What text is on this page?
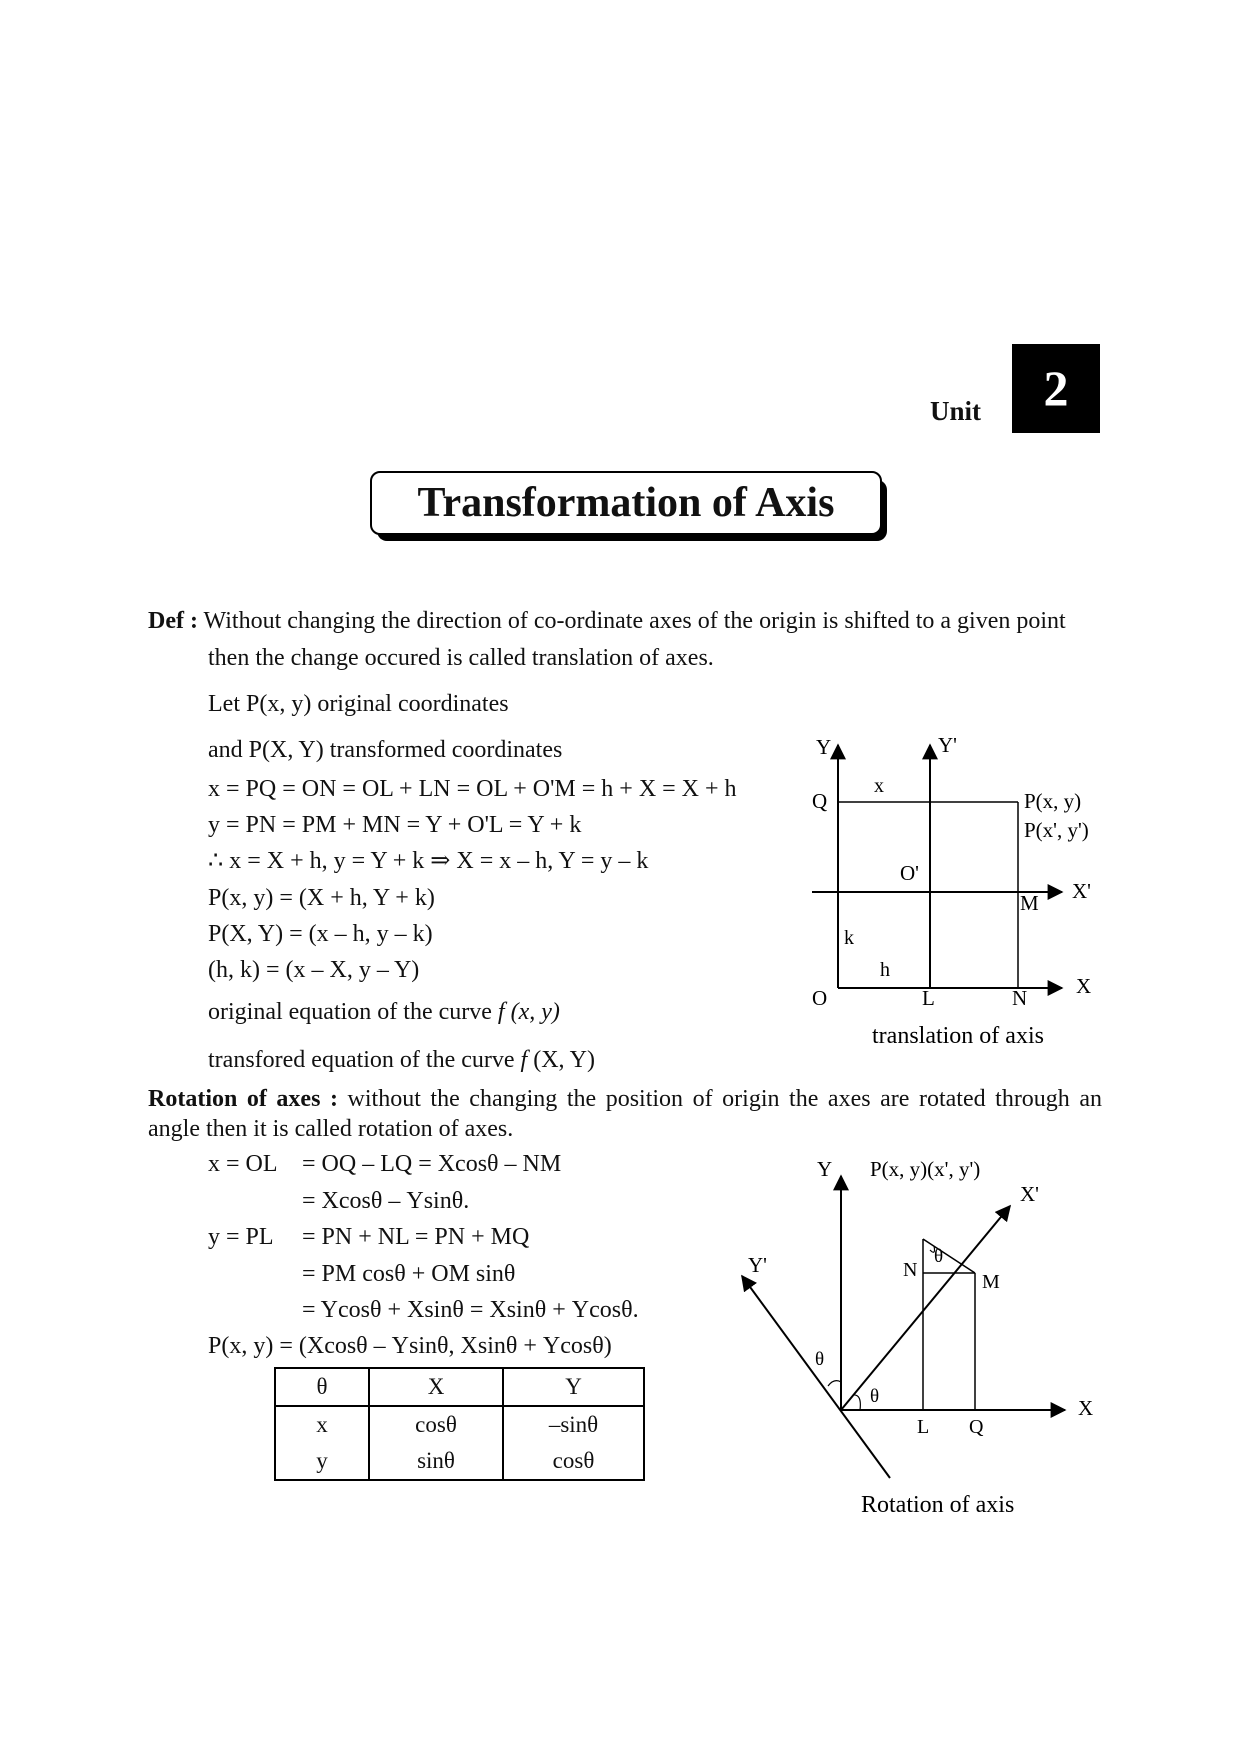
Unit	2
Transformation of Axis
Def : Without changing the direction of co-ordinate axes of the origin is shifted to a given point
then the change occured is called translation of axes.
Let P(x, y) original coordinates
and P(X, Y) transformed coordinates
x = PQ = ON = OL + LN = OL + O'M = h + X = X + h
y = PN = PM + MN = Y + O'L = Y + k
∴ x = X + h, y = Y + k ⇒ X = x – h, Y = y – k
P(x, y) = (X + h, Y + k)
P(X, Y) = (x – h, y – k)
(h, k) = (x – X, y – Y)
original equation of the curve f (x, y)
transfored equation of the curve f (X, Y)
Y	Y'
Q
x
P(x, y)
P(x', y')
O'
M X'
k
h
O	L	N X
translation of axis
Rotation of axes : without the changing the position of origin the axes are rotated through an angle then it is called rotation of axes.
x = OL = OQ – LQ = Xcosθ – NM
= Xcosθ – Ysinθ.
y = PL = PN + NL = PN + MQ
= PM cosθ + OM sinθ
= Ycosθ + Xsinθ = Xsinθ + Ycosθ.
P(x, y) = (Xcosθ – Ysinθ, Xsinθ + Ycosθ)
θ	X	Y
x	cosθ	–sinθ
y	sinθ	cosθ
Y P(x, y)(x', y')
X'
N
θ
M
Y'
θ
θ
L Q
X
Rotation of axis
